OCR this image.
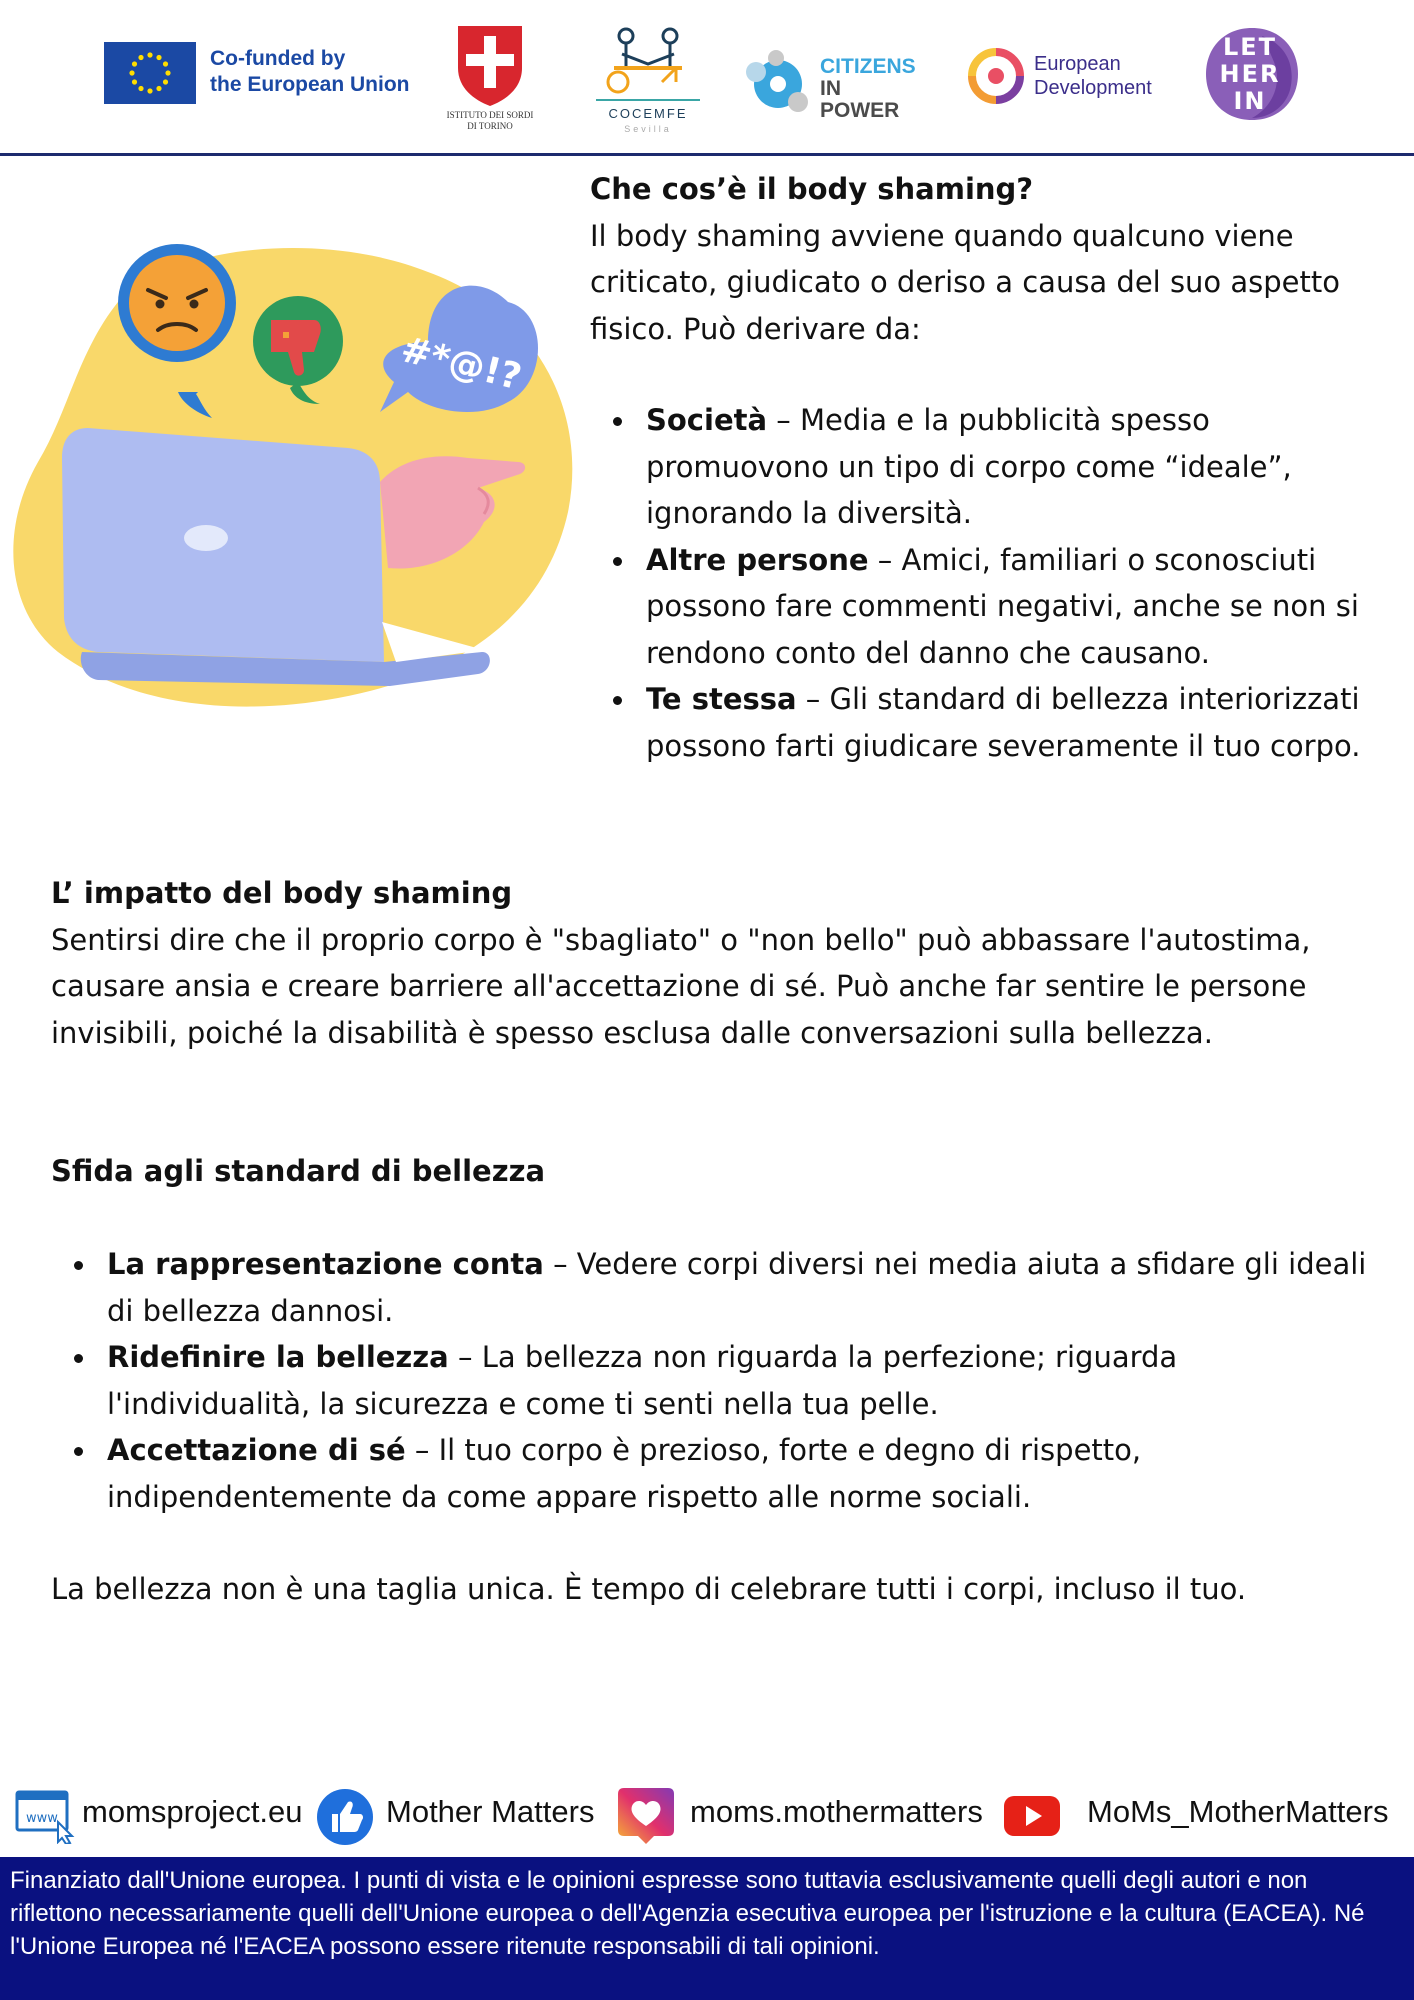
Co-funded by
the European Union
ISTITUTO DEI SORDI
DI TORINO
COCEMFE
Sevilla
CITIZENS
IN POWER
European
Development
LET
HER
IN
#*@!?
Che cos’è il body shaming?

Il body shaming avviene quando qualcuno viene criticato, giudicato o deriso a causa del suo aspetto fisico. Può derivare da:

Società – Media e la pubblicità spesso promuovono un tipo di corpo come “ideale”, ignorando la diversità.
Altre persone – Amici, familiari o sconosciuti possono fare commenti negativi, anche se non si rendono conto del danno che causano.
Te stessa – Gli standard di bellezza interiorizzati possono farti giudicare severamente il tuo corpo.
L’ impatto del body shaming

Sentirsi dire che il proprio corpo è "sbagliato" o "non bello" può abbassare l'autostima, causare ansia e creare barriere all'accettazione di sé. Può anche far sentire le persone invisibili, poiché la disabilità è spesso esclusa dalle conversazioni sulla bellezza.

Sfida agli standard di bellezza
La rappresentazione conta – Vedere corpi diversi nei media aiuta a sfidare gli ideali di bellezza dannosi.
Ridefinire la bellezza – La bellezza non riguarda la perfezione; riguarda l'individualità, la sicurezza e come ti senti nella tua pelle.
Accettazione di sé – Il tuo corpo è prezioso, forte e degno di rispetto, indipendentemente da come appare rispetto alle norme sociali.

La bellezza non è una taglia unica. È tempo di celebrare tutti i corpi, incluso il tuo.

www momsproject.eu	Mother Matters	moms.mothermatters	MoMs_MotherMatters

Finanziato dall'Unione europea. I punti di vista e le opinioni espresse sono tuttavia esclusivamente quelli degli autori e non riflettono necessariamente quelli dell'Unione europea o dell'Agenzia esecutiva europea per l'istruzione e la cultura (EACEA). Né l'Unione Europea né l'EACEA possono essere ritenute responsabili di tali opinioni.
